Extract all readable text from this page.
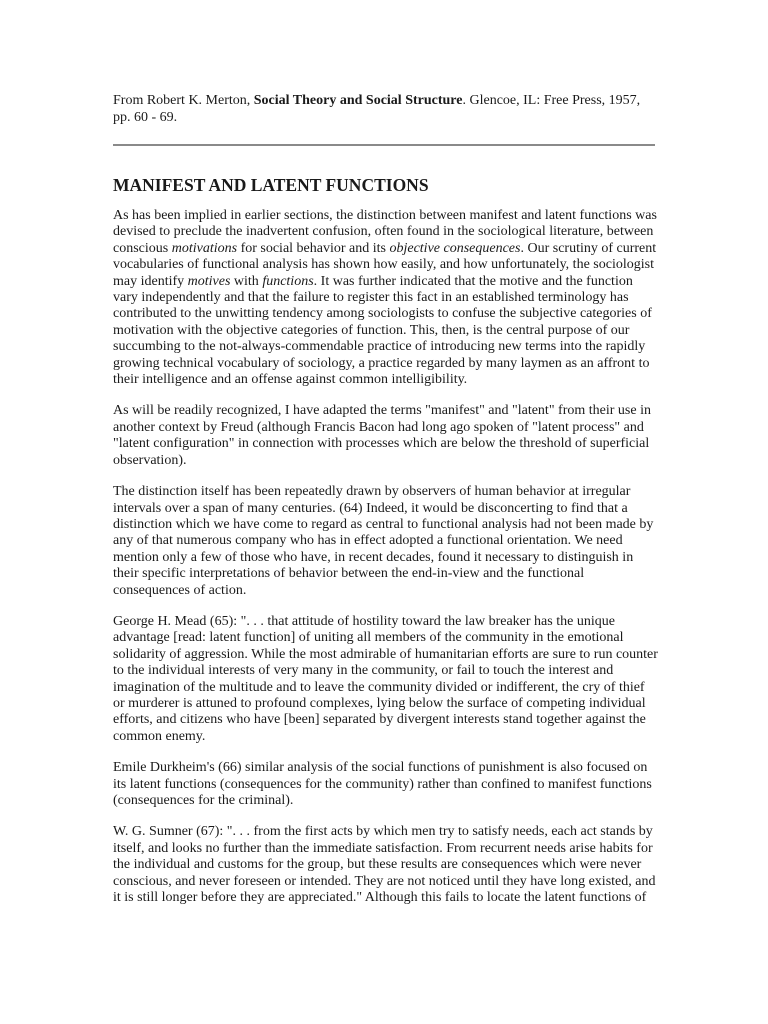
From Robert K. Merton, Social Theory and Social Structure. Glencoe, IL: Free Press, 1957, pp. 60 - 69.

MANIFEST AND LATENT FUNCTIONS

As has been implied in earlier sections, the distinction between manifest and latent functions was devised to preclude the inadvertent confusion, often found in the sociological literature, between conscious motivations for social behavior and its objective consequences. Our scrutiny of current vocabularies of functional analysis has shown how easily, and how unfortunately, the sociologist may identify motives with functions. It was further indicated that the motive and the function vary independently and that the failure to register this fact in an established terminology has contributed to the unwitting tendency among sociologists to confuse the subjective categories of motivation with the objective categories of function. This, then, is the central purpose of our succumbing to the not-always-commendable practice of introducing new terms into the rapidly growing technical vocabulary of sociology, a practice regarded by many laymen as an affront to their intelligence and an offense against common intelligibility.

As will be readily recognized, I have adapted the terms "manifest" and "latent" from their use in another context by Freud (although Francis Bacon had long ago spoken of "latent process" and "latent configuration" in connection with processes which are below the threshold of superficial observation).

The distinction itself has been repeatedly drawn by observers of human behavior at irregular intervals over a span of many centuries. (64) Indeed, it would be disconcerting to find that a distinction which we have come to regard as central to functional analysis had not been made by any of that numerous company who has in effect adopted a functional orientation. We need mention only a few of those who have, in recent decades, found it necessary to distinguish in their specific interpretations of behavior between the end-in-view and the functional consequences of action.

George H. Mead (65): ". . . that attitude of hostility toward the law breaker has the unique advantage [read: latent function] of uniting all members of the community in the emotional solidarity of aggression. While the most admirable of humanitarian efforts are sure to run counter to the individual interests of very many in the community, or fail to touch the interest and imagination of the multitude and to leave the community divided or indifferent, the cry of thief or murderer is attuned to profound complexes, lying below the surface of competing individual efforts, and citizens who have [been] separated by divergent interests stand together against the common enemy.

Emile Durkheim's (66) similar analysis of the social functions of punishment is also focused on its latent functions (consequences for the community) rather than confined to manifest functions (consequences for the criminal).

W. G. Sumner (67): ". . . from the first acts by which men try to satisfy needs, each act stands by itself, and looks no further than the immediate satisfaction. From recurrent needs arise habits for the individual and customs for the group, but these results are consequences which were never conscious, and never foreseen or intended. They are not noticed until they have long existed, and it is still longer before they are appreciated." Although this fails to locate the latent functions of
